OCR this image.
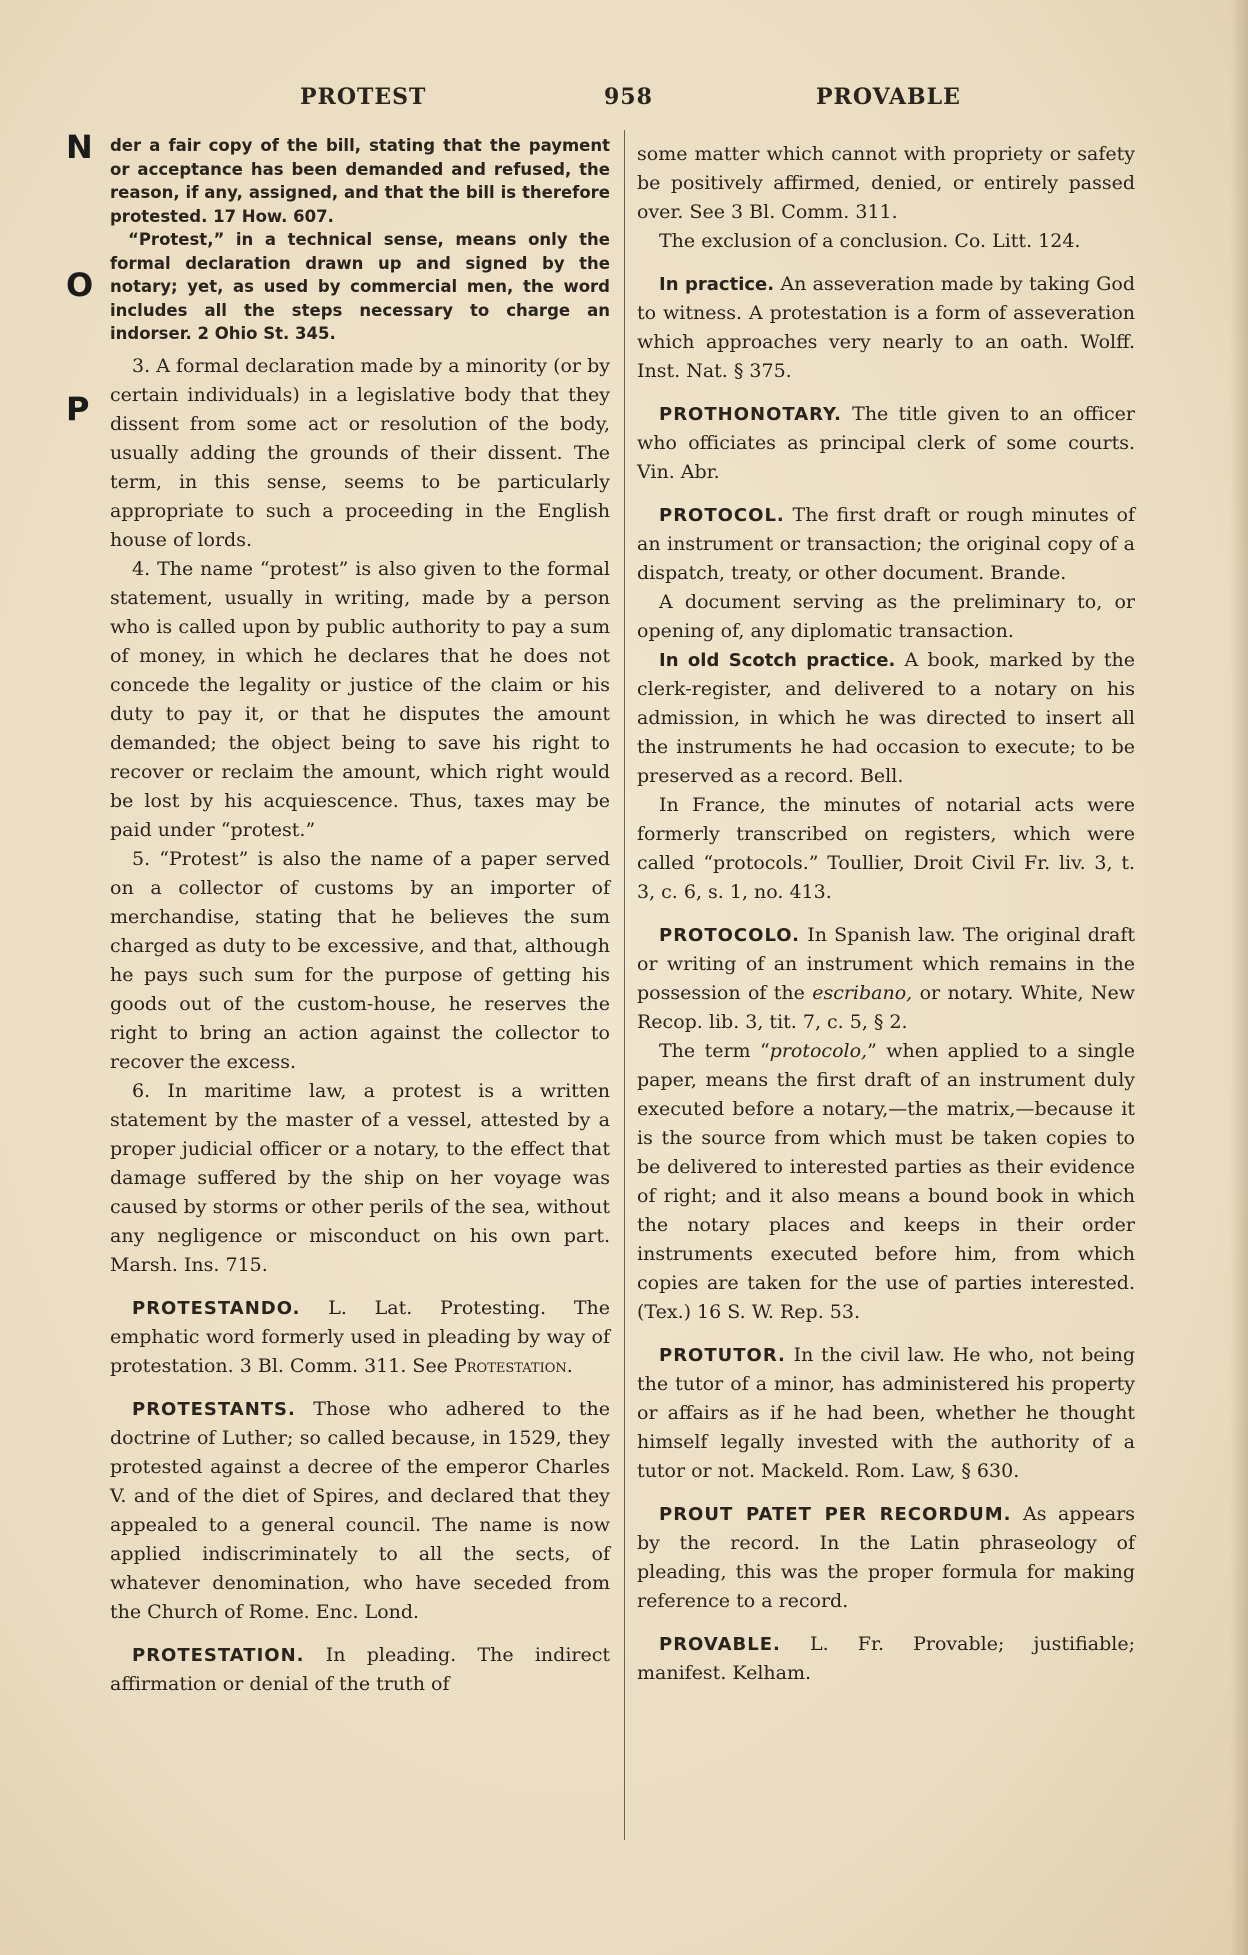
PROTEST	958	PROVABLE
N
O
P

der a fair copy of the bill, stating that the payment or acceptance has been demanded and refused, the reason, if any, assigned, and that the bill is therefore protested. 17 How. 607.

“Protest,” in a technical sense, means only the formal declaration drawn up and signed by the notary; yet, as used by commercial men, the word includes all the steps necessary to charge an indorser. 2 Ohio St. 345.

3. A formal declaration made by a minority (or by certain individuals) in a legislative body that they dissent from some act or resolution of the body, usually adding the grounds of their dissent. The term, in this sense, seems to be particularly appropriate to such a proceeding in the English house of lords.

4. The name “protest” is also given to the formal statement, usually in writing, made by a person who is called upon by public authority to pay a sum of money, in which he declares that he does not concede the legality or justice of the claim or his duty to pay it, or that he disputes the amount demanded; the object being to save his right to recover or reclaim the amount, which right would be lost by his acquiescence. Thus, taxes may be paid under “protest.”

5. “Protest” is also the name of a paper served on a collector of customs by an importer of merchandise, stating that he believes the sum charged as duty to be excessive, and that, although he pays such sum for the purpose of getting his goods out of the custom-house, he reserves the right to bring an action against the collector to recover the excess.

6. In maritime law, a protest is a written statement by the master of a vessel, attested by a proper judicial officer or a notary, to the effect that damage suffered by the ship on her voyage was caused by storms or other perils of the sea, without any negligence or misconduct on his own part. Marsh. Ins. 715.

PROTESTANDO. L. Lat. Protesting. The emphatic word formerly used in pleading by way of protestation. 3 Bl. Comm. 311. See Protestation.

PROTESTANTS. Those who adhered to the doctrine of Luther; so called because, in 1529, they protested against a decree of the emperor Charles V. and of the diet of Spires, and declared that they appealed to a general council. The name is now applied indiscriminately to all the sects, of whatever denomination, who have seceded from the Church of Rome. Enc. Lond.

PROTESTATION. In pleading. The indirect affirmation or denial of the truth of

some matter which cannot with propriety or safety be positively affirmed, denied, or entirely passed over. See 3 Bl. Comm. 311.

The exclusion of a conclusion. Co. Litt. 124.

In practice. An asseveration made by taking God to witness. A protestation is a form of asseveration which approaches very nearly to an oath. Wolff. Inst. Nat. § 375.

PROTHONOTARY. The title given to an officer who officiates as principal clerk of some courts. Vin. Abr.

PROTOCOL. The first draft or rough minutes of an instrument or transaction; the original copy of a dispatch, treaty, or other document. Brande.

A document serving as the preliminary to, or opening of, any diplomatic transaction.

In old Scotch practice. A book, marked by the clerk-register, and delivered to a notary on his admission, in which he was directed to insert all the instruments he had occasion to execute; to be preserved as a record. Bell.

In France, the minutes of notarial acts were formerly transcribed on registers, which were called “protocols.” Toullier, Droit Civil Fr. liv. 3, t. 3, c. 6, s. 1, no. 413.

PROTOCOLO. In Spanish law. The original draft or writing of an instrument which remains in the possession of the escribano, or notary. White, New Recop. lib. 3, tit. 7, c. 5, § 2.

The term “protocolo,” when applied to a single paper, means the first draft of an instrument duly executed before a notary,—the matrix,—because it is the source from which must be taken copies to be delivered to interested parties as their evidence of right; and it also means a bound book in which the notary places and keeps in their order instruments executed before him, from which copies are taken for the use of parties interested. (Tex.) 16 S. W. Rep. 53.

PROTUTOR. In the civil law. He who, not being the tutor of a minor, has administered his property or affairs as if he had been, whether he thought himself legally invested with the authority of a tutor or not. Mackeld. Rom. Law, § 630.

PROUT PATET PER RECORDUM. As appears by the record. In the Latin phraseology of pleading, this was the proper formula for making reference to a record.

PROVABLE. L. Fr. Provable; justifiable; manifest. Kelham.
